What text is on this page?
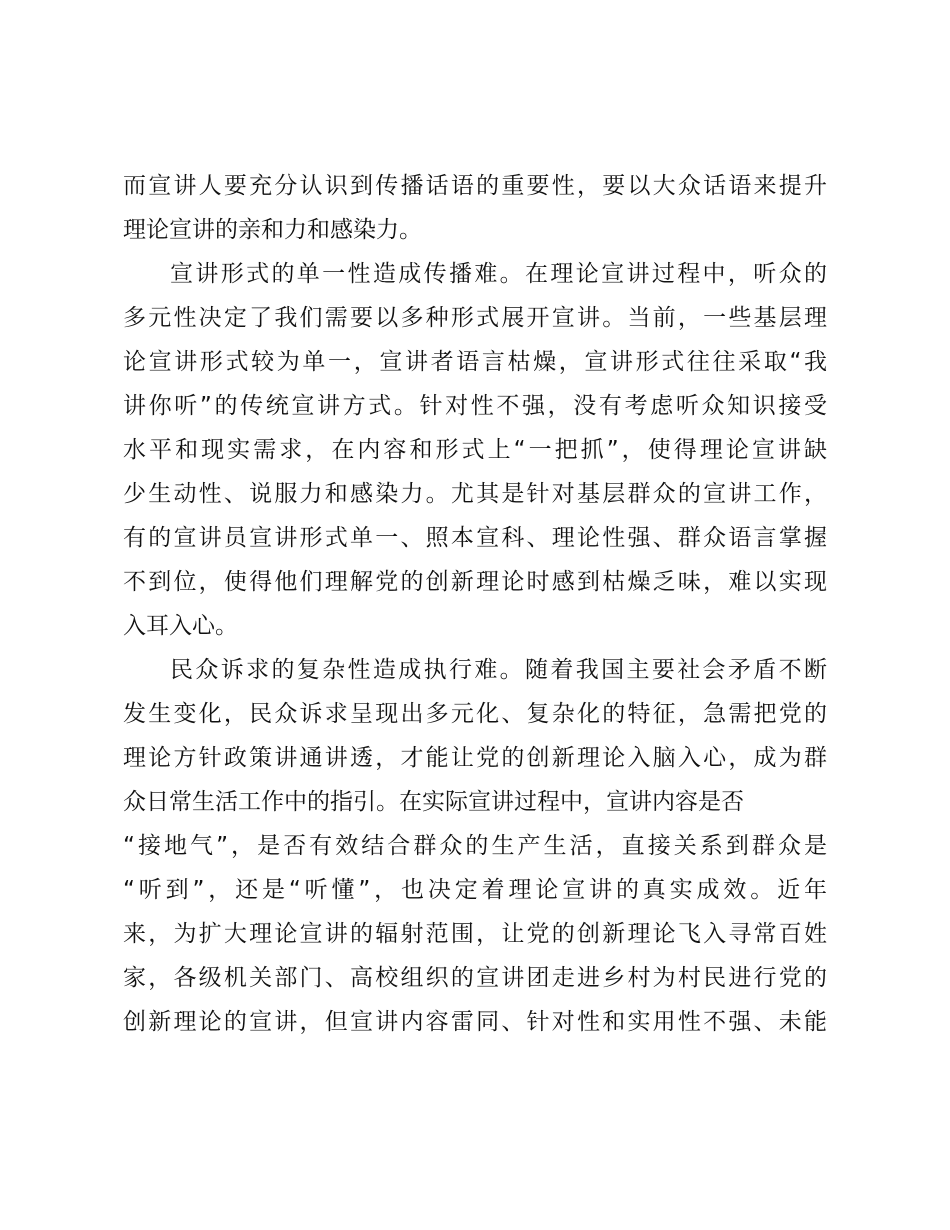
而宣讲人要充分认识到传播话语的重要性，要以大众话语来提升
理论宣讲的亲和力和感染力。
宣讲形式的单一性造成传播难。在理论宣讲过程中，听众的
多元性决定了我们需要以多种形式展开宣讲。当前，一些基层理
论宣讲形式较为单一，宣讲者语言枯燥，宣讲形式往往采取“我
讲你听”的传统宣讲方式。针对性不强，没有考虑听众知识接受
水平和现实需求，在内容和形式上“一把抓”，使得理论宣讲缺
少生动性、说服力和感染力。尤其是针对基层群众的宣讲工作，
有的宣讲员宣讲形式单一、照本宣科、理论性强、群众语言掌握
不到位，使得他们理解党的创新理论时感到枯燥乏味，难以实现
入耳入心。
民众诉求的复杂性造成执行难。随着我国主要社会矛盾不断
发生变化，民众诉求呈现出多元化、复杂化的特征，急需把党的
理论方针政策讲通讲透，才能让党的创新理论入脑入心，成为群
众日常生活工作中的指引。在实际宣讲过程中，宣讲内容是否
“接地气”，是否有效结合群众的生产生活，直接关系到群众是
“听到”，还是“听懂”，也决定着理论宣讲的真实成效。近年
来，为扩大理论宣讲的辐射范围，让党的创新理论飞入寻常百姓
家，各级机关部门、高校组织的宣讲团走进乡村为村民进行党的
创新理论的宣讲，但宣讲内容雷同、针对性和实用性不强、未能
